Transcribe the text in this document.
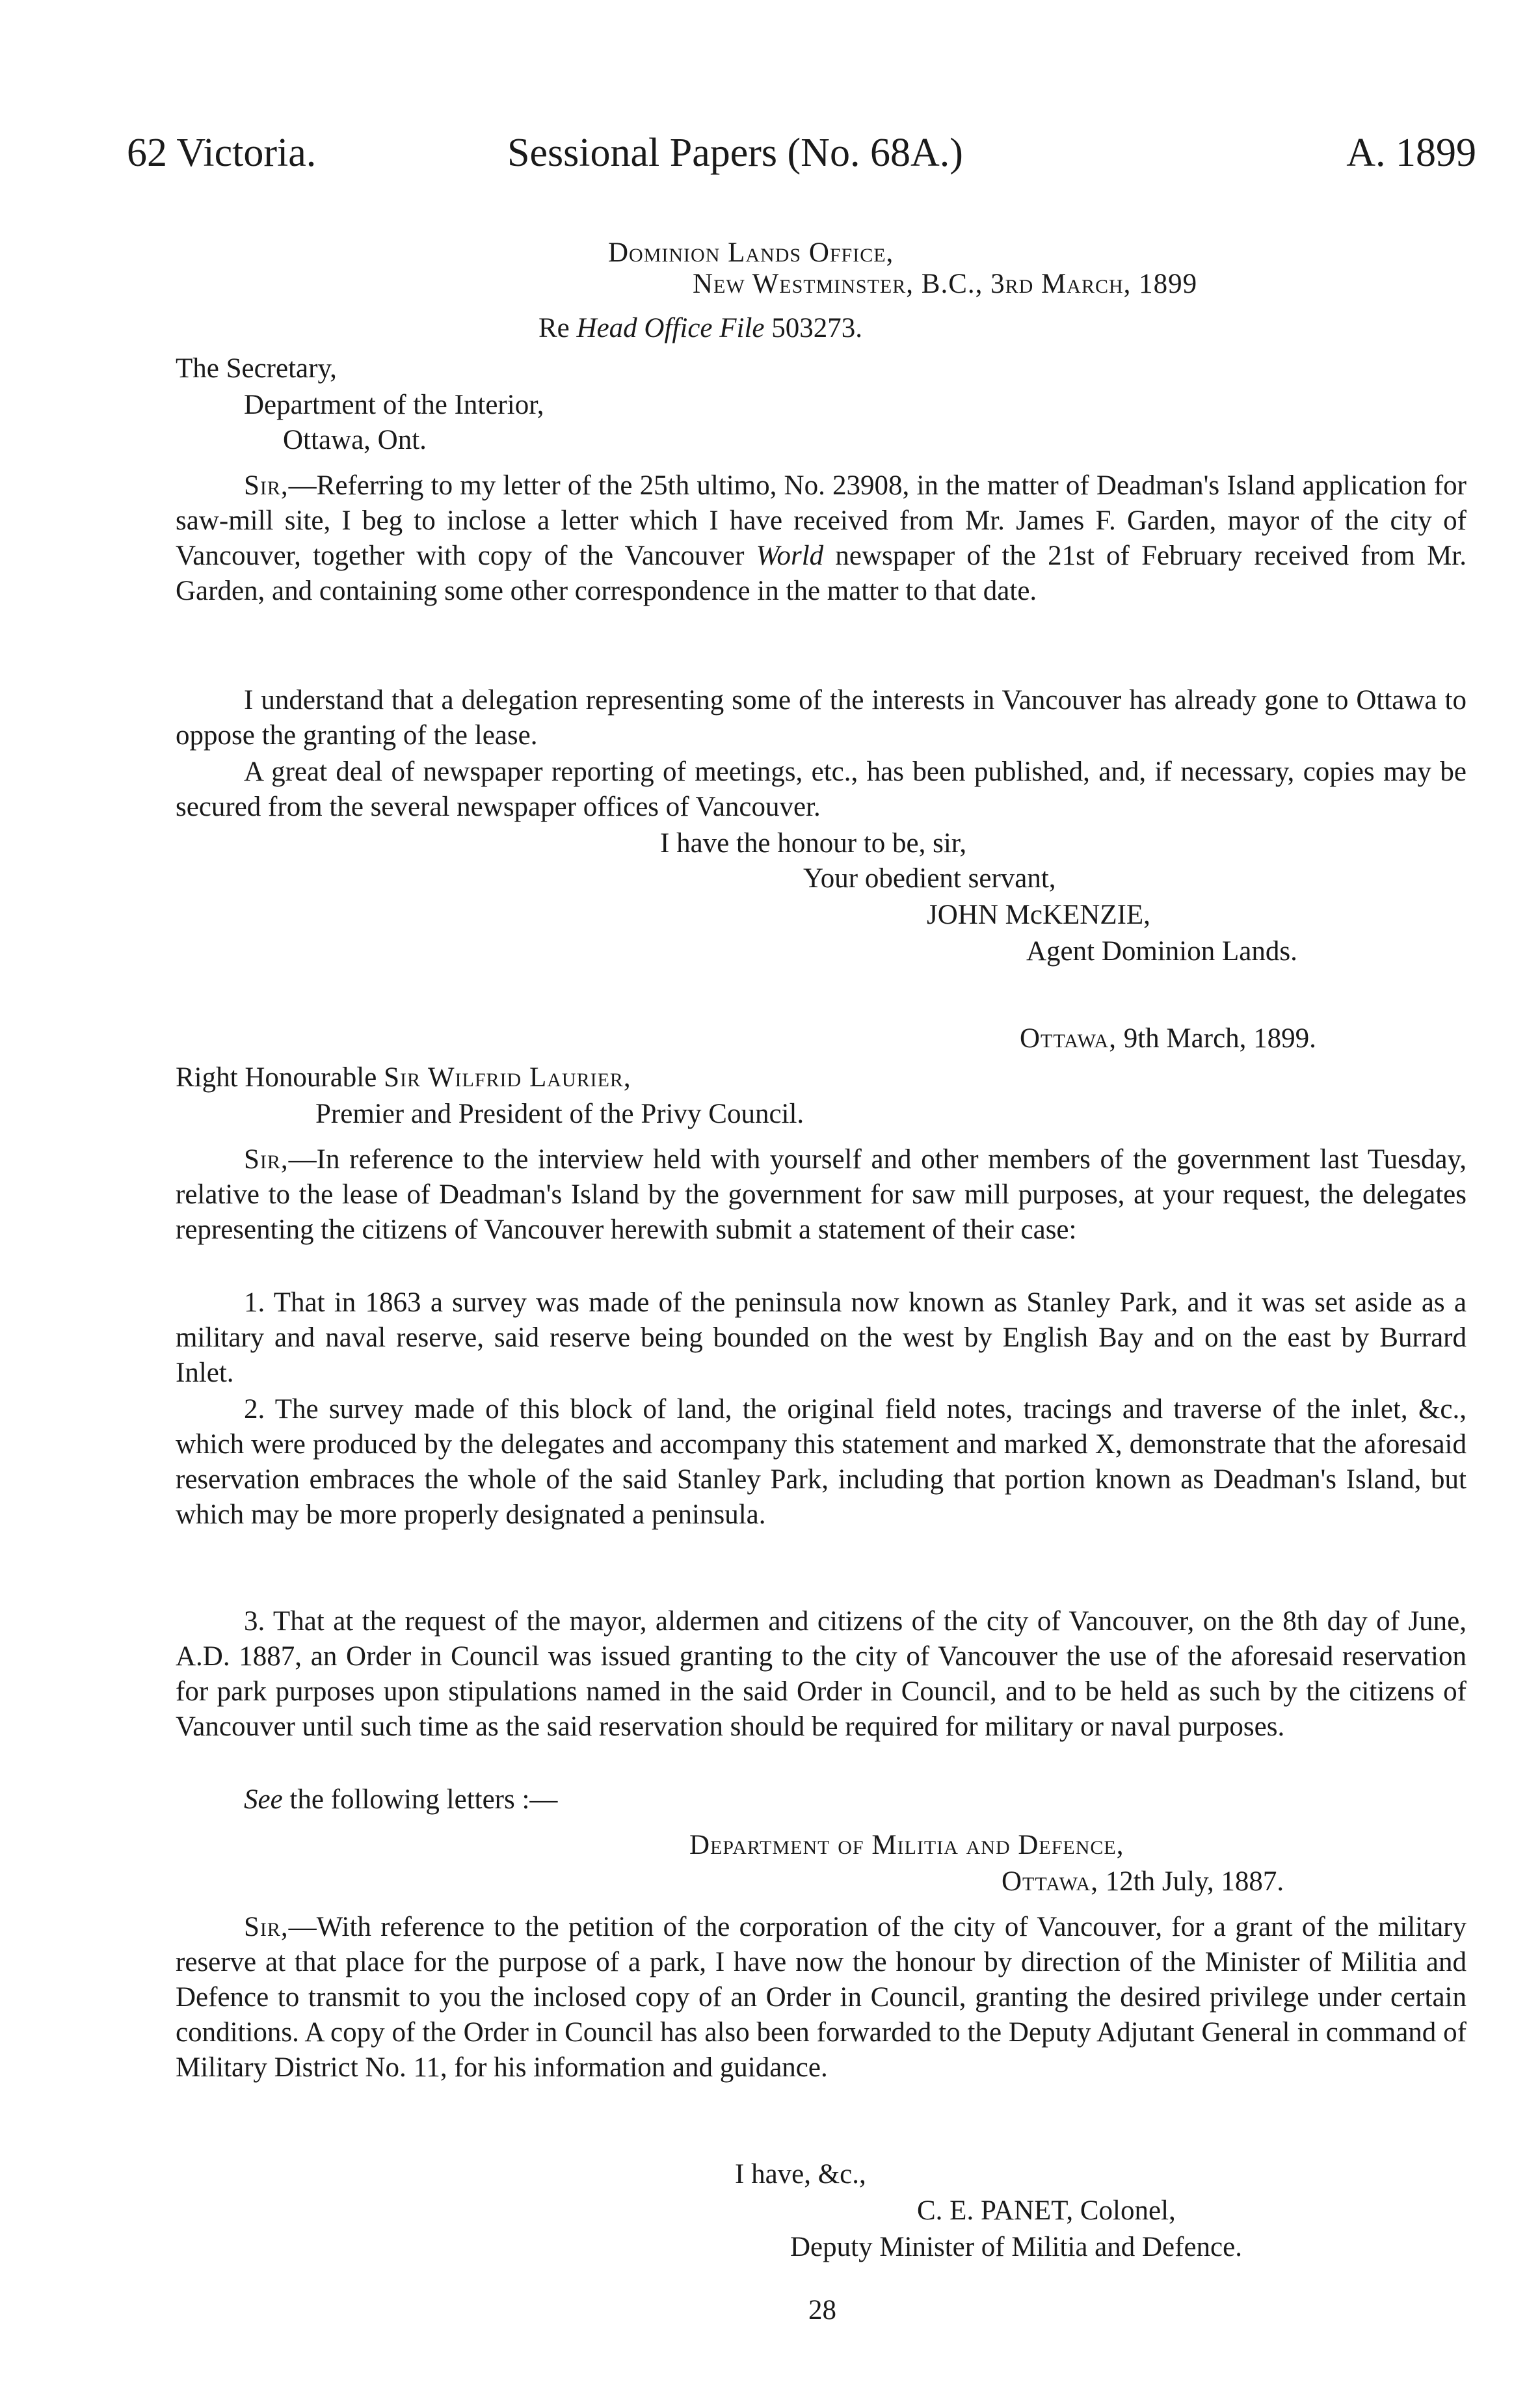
62 Victoria.	Sessional Papers (No. 68A.)	A. 1899
Dominion Lands Office,
New Westminster, B.C., 3rd March, 1899
Re Head Office File 503273.
The Secretary,
Department of the Interior,
Ottawa, Ont.

Sir,—Referring to my letter of the 25th ultimo, No. 23908, in the matter of Deadman's Island application for saw-mill site, I beg to inclose a letter which I have received from Mr. James F. Garden, mayor of the city of Vancouver, together with copy of the Vancouver World newspaper of the 21st of February received from Mr. Garden, and containing some other correspondence in the matter to that date.

I understand that a delegation representing some of the interests in Vancouver has already gone to Ottawa to oppose the granting of the lease.

A great deal of newspaper reporting of meetings, etc., has been published, and, if necessary, copies may be secured from the several newspaper offices of Vancouver.

I have the honour to be, sir,
Your obedient servant,
JOHN McKENZIE,
Agent Dominion Lands.
Ottawa, 9th March, 1899.
Right Honourable Sir Wilfrid Laurier,
Premier and President of the Privy Council.

Sir,—In reference to the interview held with yourself and other members of the government last Tuesday, relative to the lease of Deadman's Island by the government for saw mill purposes, at your request, the delegates representing the citizens of Vancouver herewith submit a statement of their case:

1. That in 1863 a survey was made of the peninsula now known as Stanley Park, and it was set aside as a military and naval reserve, said reserve being bounded on the west by English Bay and on the east by Burrard Inlet.

2. The survey made of this block of land, the original field notes, tracings and traverse of the inlet, &c., which were produced by the delegates and accompany this statement and marked X, demonstrate that the aforesaid reservation embraces the whole of the said Stanley Park, including that portion known as Deadman's Island, but which may be more properly designated a peninsula.

3. That at the request of the mayor, aldermen and citizens of the city of Vancouver, on the 8th day of June, A.D. 1887, an Order in Council was issued granting to the city of Vancouver the use of the aforesaid reservation for park purposes upon stipulations named in the said Order in Council, and to be held as such by the citizens of Vancouver until such time as the said reservation should be required for military or naval purposes.

See the following letters :—
Department of Militia and Defence,
Ottawa, 12th July, 1887.

Sir,—With reference to the petition of the corporation of the city of Vancouver, for a grant of the military reserve at that place for the purpose of a park, I have now the honour by direction of the Minister of Militia and Defence to transmit to you the inclosed copy of an Order in Council, granting the desired privilege under certain conditions. A copy of the Order in Council has also been forwarded to the Deputy Adjutant General in command of Military District No. 11, for his information and guidance.

I have, &c.,
C. E. PANET, Colonel,
Deputy Minister of Militia and Defence.
28
